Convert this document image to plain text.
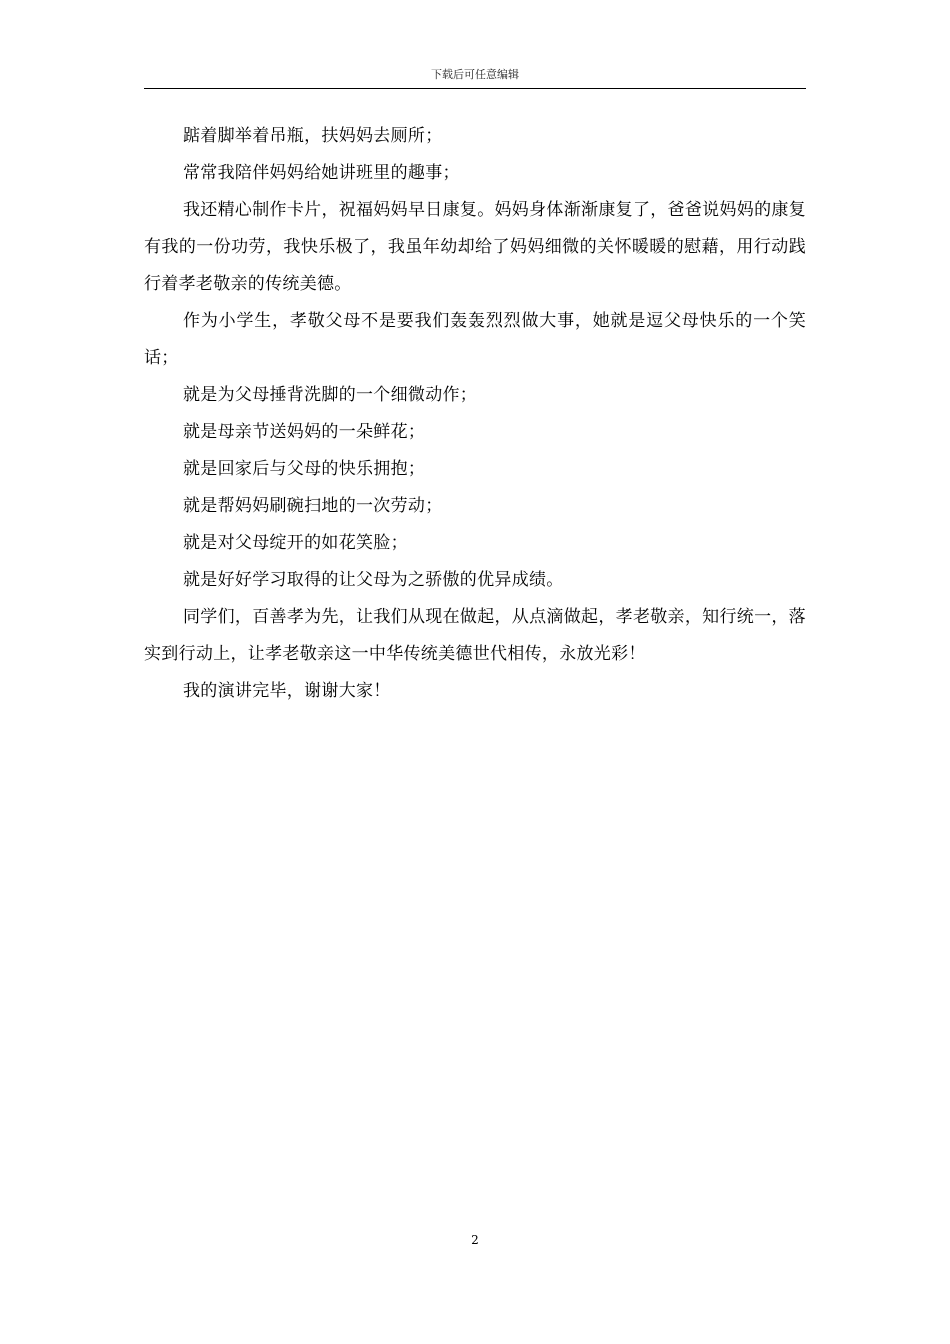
下载后可任意编辑

踮着脚举着吊瓶，扶妈妈去厕所；

常常我陪伴妈妈给她讲班里的趣事；

我还精心制作卡片，祝福妈妈早日康复。妈妈身体渐渐康复了，爸爸说妈妈的康复有我的一份功劳，我快乐极了，我虽年幼却给了妈妈细微的关怀暖暖的慰藉，用行动践行着孝老敬亲的传统美德。

作为小学生，孝敬父母不是要我们轰轰烈烈做大事，她就是逗父母快乐的一个笑话；

就是为父母捶背洗脚的一个细微动作；

就是母亲节送妈妈的一朵鲜花；

就是回家后与父母的快乐拥抱；

就是帮妈妈刷碗扫地的一次劳动；

就是对父母绽开的如花笑脸；

就是好好学习取得的让父母为之骄傲的优异成绩。

同学们，百善孝为先，让我们从现在做起，从点滴做起，孝老敬亲，知行统一，落实到行动上，让孝老敬亲这一中华传统美德世代相传，永放光彩！

我的演讲完毕，谢谢大家！

2
